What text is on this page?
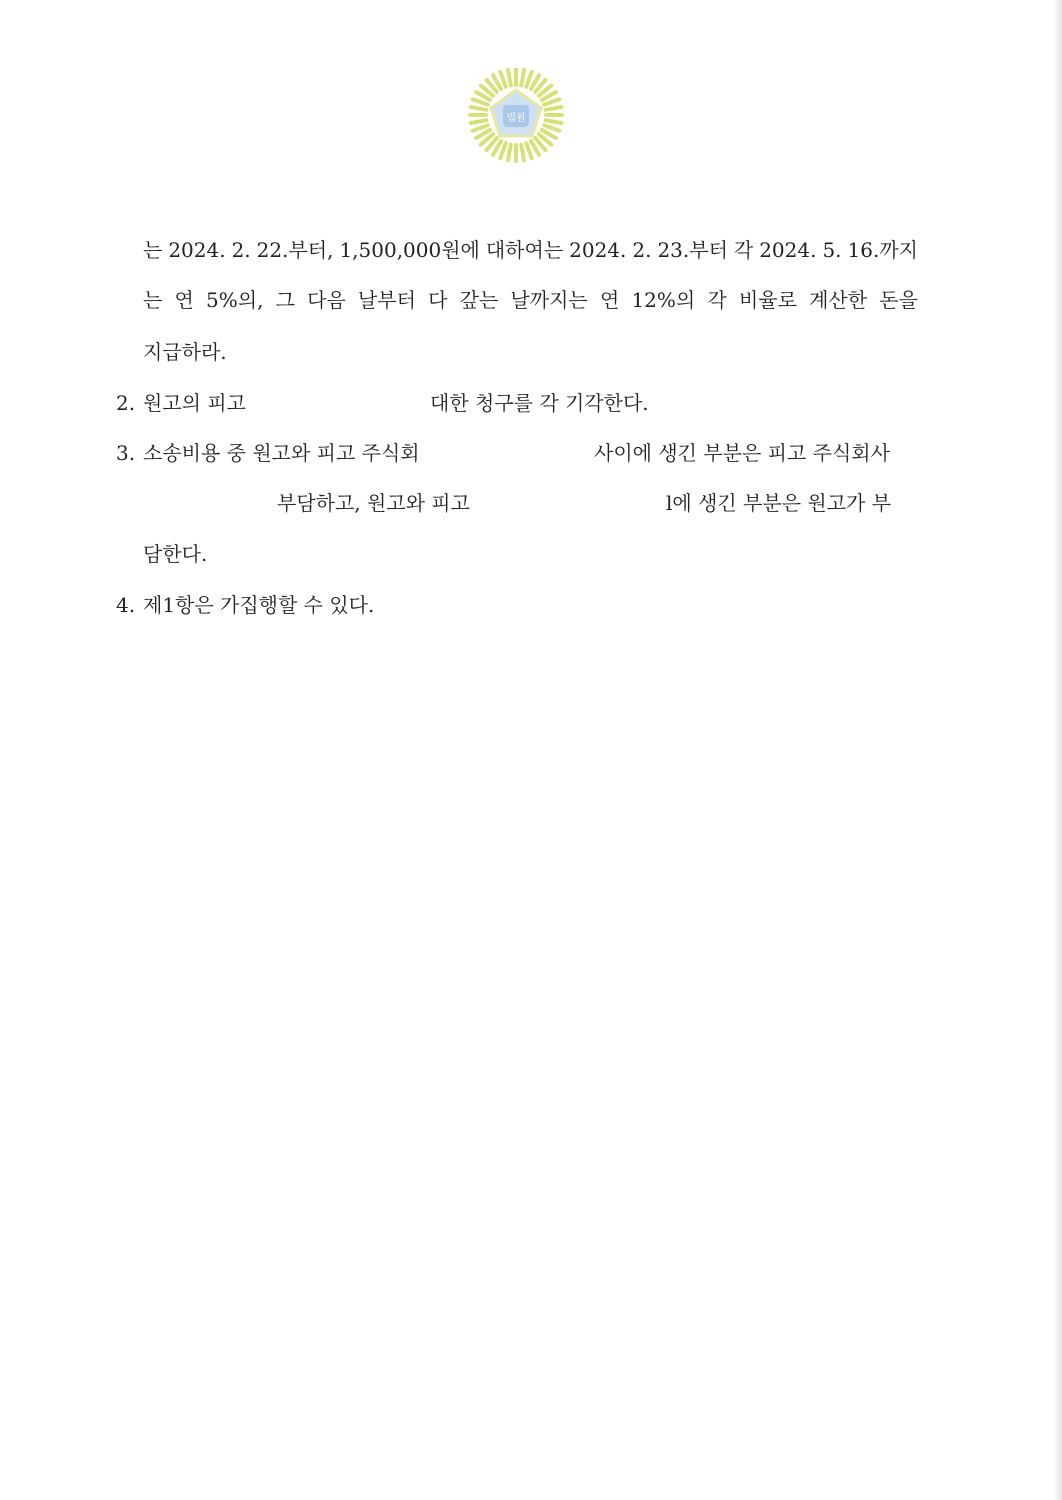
법원
는 2024. 2. 22.부터, 1,500,000원에 대하여는 2024. 2. 23.부터 각 2024. 5. 16.까지
는 연 5%의, 그 다음 날부터 다 갚는 날까지는 연 12%의 각 비율로 계산한 돈을
지급하라.
2. 원고의 피고	대한 청구를 각 기각한다.
3. 소송비용 중 원고와 피고 주식회	사이에 생긴 부분은 피고 주식회사
부담하고, 원고와 피고	l에 생긴 부분은 원고가 부
담한다.
4. 제1항은 가집행할 수 있다.
